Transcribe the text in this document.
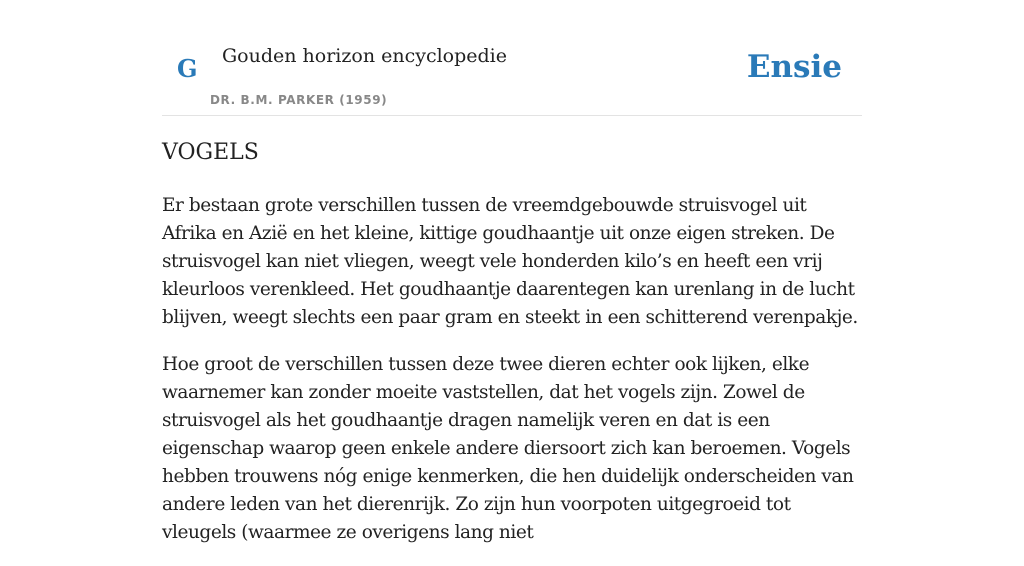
G Gouden horizon encyclopedie
DR. B.M. PARKER (1959)
Ensie
VOGELS

Er bestaan grote verschillen tussen de vreemdgebouwde struisvogel uit Afrika en Azië en het kleine, kittige goudhaantje uit onze eigen streken. De struisvogel kan niet vliegen, weegt vele honderden kilo’s en heeft een vrij kleurloos verenkleed. Het goudhaantje daarentegen kan urenlang in de lucht blijven, weegt slechts een paar gram en steekt in een schitterend verenpakje.

Hoe groot de verschillen tussen deze twee dieren echter ook lijken, elke waarnemer kan zonder moeite vaststellen, dat het vogels zijn. Zowel de struisvogel als het goudhaantje dragen namelijk veren en dat is een eigenschap waarop geen enkele andere diersoort zich kan beroemen. Vogels hebben trouwens nóg enige kenmerken, die hen duidelijk onderscheiden van andere leden van het dierenrijk. Zo zijn hun voorpoten uitgegroeid tot vleugels (waarmee ze overigens lang niet
